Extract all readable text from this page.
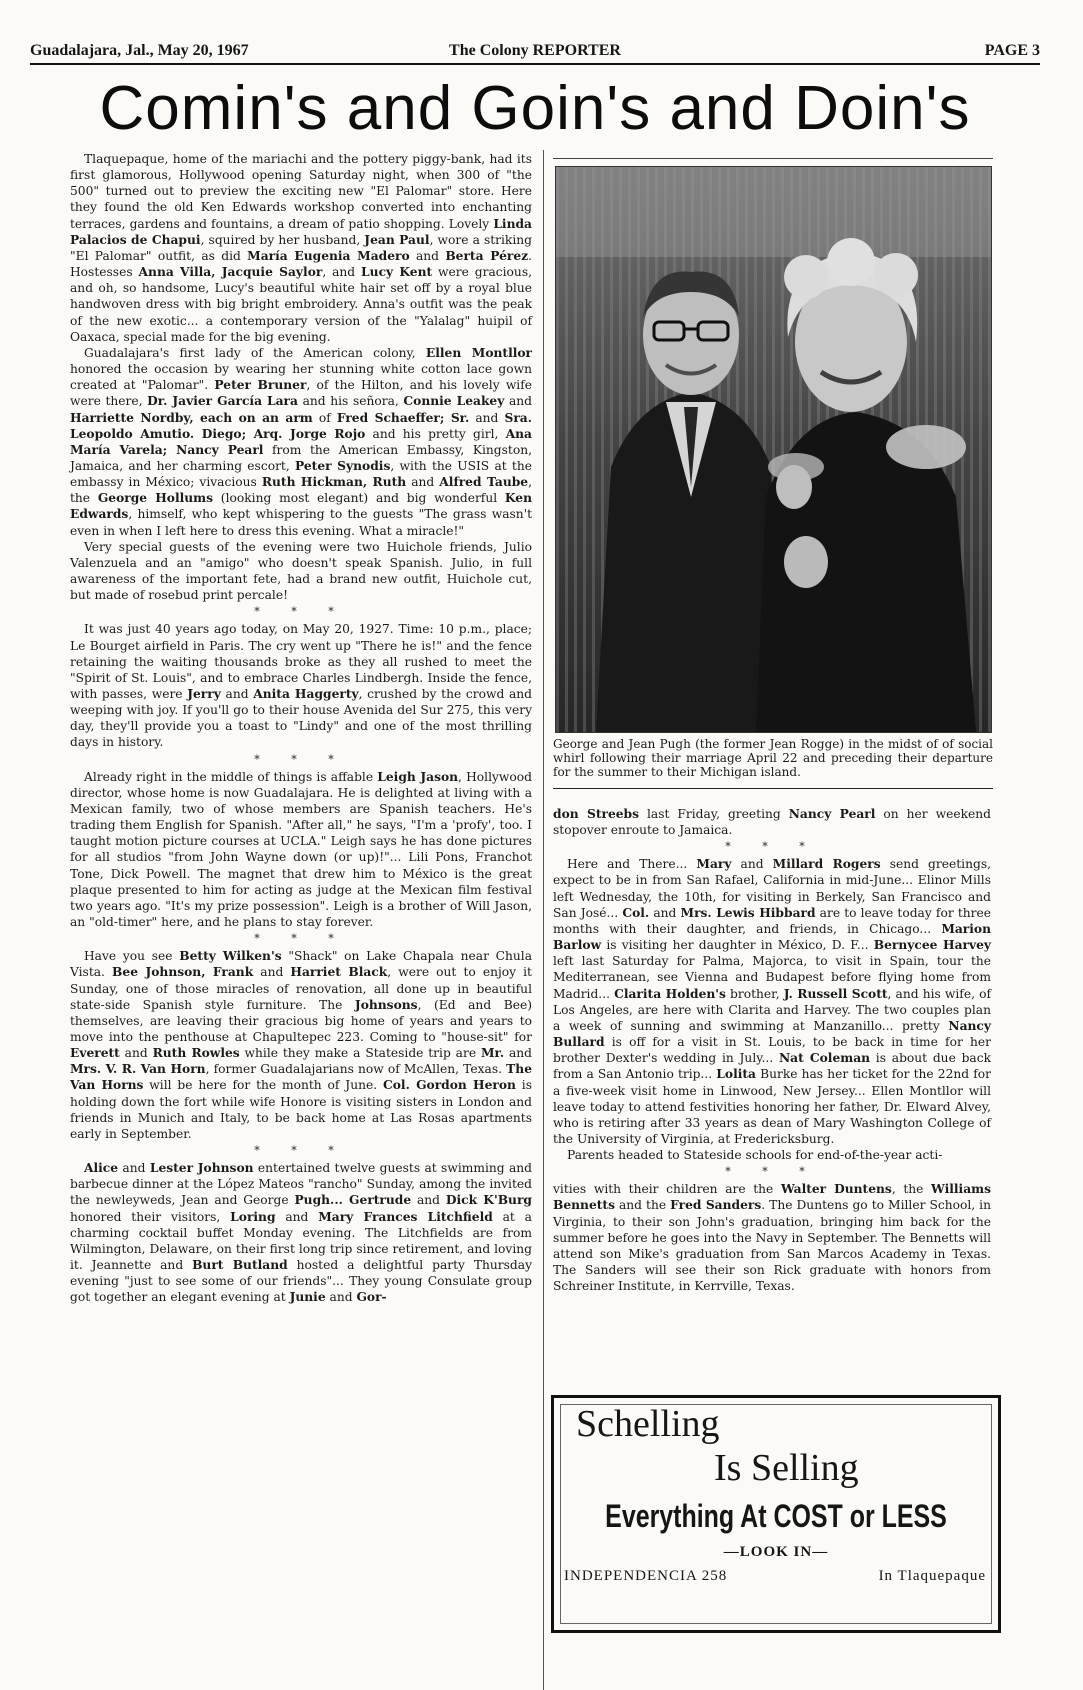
The Colony REPORTER
Guadalajara, Jal., May 20, 1967	PAGE 3
Comin's and Goin's and Doin's

Tlaquepaque, home of the mariachi and the pottery piggy-bank, had its first glamorous, Hollywood opening Saturday night, when 300 of "the 500" turned out to preview the exciting new "El Palomar" store. Here they found the old Ken Edwards workshop converted into enchanting terraces, gardens and fountains, a dream of patio shopping. Lovely Linda Palacios de Chapui, squired by her husband, Jean Paul, wore a striking "El Palomar" outfit, as did María Eugenia Madero and Berta Pérez. Hostesses Anna Villa, Jacquie Saylor, and Lucy Kent were gracious, and oh, so handsome, Lucy's beautiful white hair set off by a royal blue handwoven dress with big bright embroidery. Anna's outfit was the peak of the new exotic... a contemporary version of the "Yalalag" huipil of Oaxaca, special made for the big evening.

Guadalajara's first lady of the American colony, Ellen Montllor honored the occasion by wearing her stunning white cotton lace gown created at "Palomar". Peter Bruner, of the Hilton, and his lovely wife were there, Dr. Javier García Lara and his señora, Connie Leakey and Harriette Nordby, each on an arm of Fred Schaeffer; Sr. and Sra. Leopoldo Amutio. Diego; Arq. Jorge Rojo and his pretty girl, Ana María Varela; Nancy Pearl from the American Embassy, Kingston, Jamaica, and her charming escort, Peter Synodis, with the USIS at the embassy in México; vivacious Ruth Hickman, Ruth and Alfred Taube, the George Hollums (looking most elegant) and big wonderful Ken Edwards, himself, who kept whispering to the guests "The grass wasn't even in when I left here to dress this evening. What a miracle!"

Very special guests of the evening were two Huichole friends, Julio Valenzuela and an "amigo" who doesn't speak Spanish. Julio, in full awareness of the important fete, had a brand new outfit, Huichole cut, but made of rosebud print percale!

* * *

It was just 40 years ago today, on May 20, 1927. Time: 10 p.m., place; Le Bourget airfield in Paris. The cry went up "There he is!" and the fence retaining the waiting thousands broke as they all rushed to meet the "Spirit of St. Louis", and to embrace Charles Lindbergh. Inside the fence, with passes, were Jerry and Anita Haggerty, crushed by the crowd and weeping with joy. If you'll go to their house Avenida del Sur 275, this very day, they'll provide you a toast to "Lindy" and one of the most thrilling days in history.

* * *

Already right in the middle of things is affable Leigh Jason, Hollywood director, whose home is now Guadalajara. He is delighted at living with a Mexican family, two of whose members are Spanish teachers. He's trading them English for Spanish. "After all," he says, "I'm a 'profy', too. I taught motion picture courses at UCLA." Leigh says he has done pictures for all studios "from John Wayne down (or up)!"... Lili Pons, Franchot Tone, Dick Powell. The magnet that drew him to México is the great plaque presented to him for acting as judge at the Mexican film festival two years ago. "It's my prize possession". Leigh is a brother of Will Jason, an "old-timer" here, and he plans to stay forever.

* * *

Have you see Betty Wilken's "Shack" on Lake Chapala near Chula Vista. Bee Johnson, Frank and Harriet Black, were out to enjoy it Sunday, one of those miracles of renovation, all done up in beautiful state-side Spanish style furniture. The Johnsons, (Ed and Bee) themselves, are leaving their gracious big home of years and years to move into the penthouse at Chapultepec 223. Coming to "house-sit" for Everett and Ruth Rowles while they make a Stateside trip are Mr. and Mrs. V. R. Van Horn, former Guadalajarians now of McAllen, Texas. The Van Horns will be here for the month of June. Col. Gordon Heron is holding down the fort while wife Honore is visiting sisters in London and friends in Munich and Italy, to be back home at Las Rosas apartments early in September.

* * *

Alice and Lester Johnson entertained twelve guests at swimming and barbecue dinner at the López Mateos "rancho" Sunday, among the invited the newleyweds, Jean and George Pugh... Gertrude and Dick K'Burg honored their visitors, Loring and Mary Frances Litchfield at a charming cocktail buffet Monday evening. The Litchfields are from Wilmington, Delaware, on their first long trip since retirement, and loving it. Jeannette and Burt Butland hosted a delightful party Thursday evening "just to see some of our friends"... They young Consulate group got together an elegant evening at Junie and Gor-

George and Jean Pugh (the former Jean Rogge) in the midst of of social whirl following their marriage April 22 and preceding their departure for the summer to their Michigan island.

don Streebs last Friday, greeting Nancy Pearl on her weekend stopover enroute to Jamaica.

* * *

Here and There... Mary and Millard Rogers send greetings, expect to be in from San Rafael, California in mid-June... Elinor Mills left Wednesday, the 10th, for visiting in Berkely, San Francisco and San José... Col. and Mrs. Lewis Hibbard are to leave today for three months with their daughter, and friends, in Chicago... Marion Barlow is visiting her daughter in México, D. F... Bernycee Harvey left last Saturday for Palma, Majorca, to visit in Spain, tour the Mediterranean, see Vienna and Budapest before flying home from Madrid... Clarita Holden's brother, J. Russell Scott, and his wife, of Los Angeles, are here with Clarita and Harvey. The two couples plan a week of sunning and swimming at Manzanillo... pretty Nancy Bullard is off for a visit in St. Louis, to be back in time for her brother Dexter's wedding in July... Nat Coleman is about due back from a San Antonio trip... Lolita Burke has her ticket for the 22nd for a five-week visit home in Linwood, New Jersey... Ellen Montllor will leave today to attend festivities honoring her father, Dr. Elward Alvey, who is retiring after 33 years as dean of Mary Washington College of the University of Virginia, at Fredericksburg.

Parents headed to Stateside schools for end-of-the-year acti-

* * *

vities with their children are the Walter Duntens, the Williams Bennetts and the Fred Sanders. The Duntens go to Miller School, in Virginia, to their son John's graduation, bringing him back for the summer before he goes into the Navy in September. The Bennetts will attend son Mike's graduation from San Marcos Academy in Texas. The Sanders will see their son Rick graduate with honors from Schreiner Institute, in Kerrville, Texas.

Schelling
Is Selling
Everything At COST or LESS
—LOOK IN—
INDEPENDENCIA 258	In Tlaquepaque
